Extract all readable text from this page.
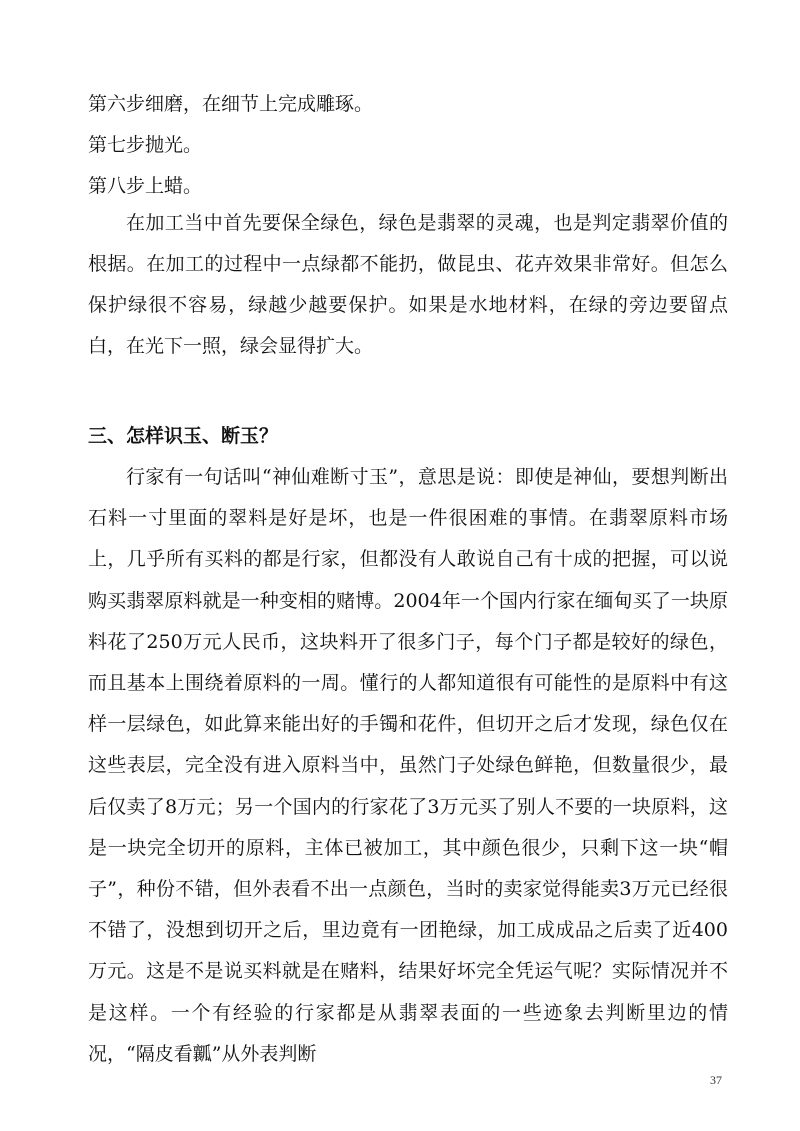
第六步细磨，在细节上完成雕琢。
第七步抛光。
第八步上蜡。

在加工当中首先要保全绿色，绿色是翡翠的灵魂，也是判定翡翠价值的根据。在加工的过程中一点绿都不能扔，做昆虫、花卉效果非常好。但怎么保护绿很不容易，绿越少越要保护。如果是水地材料，在绿的旁边要留点白，在光下一照，绿会显得扩大。

三、怎样识玉、断玉？

行家有一句话叫“神仙难断寸玉”，意思是说：即使是神仙，要想判断出石料一寸里面的翠料是好是坏，也是一件很困难的事情。在翡翠原料市场上，几乎所有买料的都是行家，但都没有人敢说自己有十成的把握，可以说购买翡翠原料就是一种变相的赌博。2004年一个国内行家在缅甸买了一块原料花了250万元人民币，这块料开了很多门子，每个门子都是较好的绿色，而且基本上围绕着原料的一周。懂行的人都知道很有可能性的是原料中有这样一层绿色，如此算来能出好的手镯和花件，但切开之后才发现，绿色仅在这些表层，完全没有进入原料当中，虽然门子处绿色鲜艳，但数量很少，最后仅卖了8万元；另一个国内的行家花了3万元买了别人不要的一块原料，这是一块完全切开的原料，主体已被加工，其中颜色很少，只剩下这一块“帽子”，种份不错，但外表看不出一点颜色，当时的卖家觉得能卖3万元已经很不错了，没想到切开之后，里边竟有一团艳绿，加工成成品之后卖了近400万元。这是不是说买料就是在赌料，结果好坏完全凭运气呢？实际情况并不是这样。一个有经验的行家都是从翡翠表面的一些迹象去判断里边的情况，“隔皮看瓤”从外表判断

37
